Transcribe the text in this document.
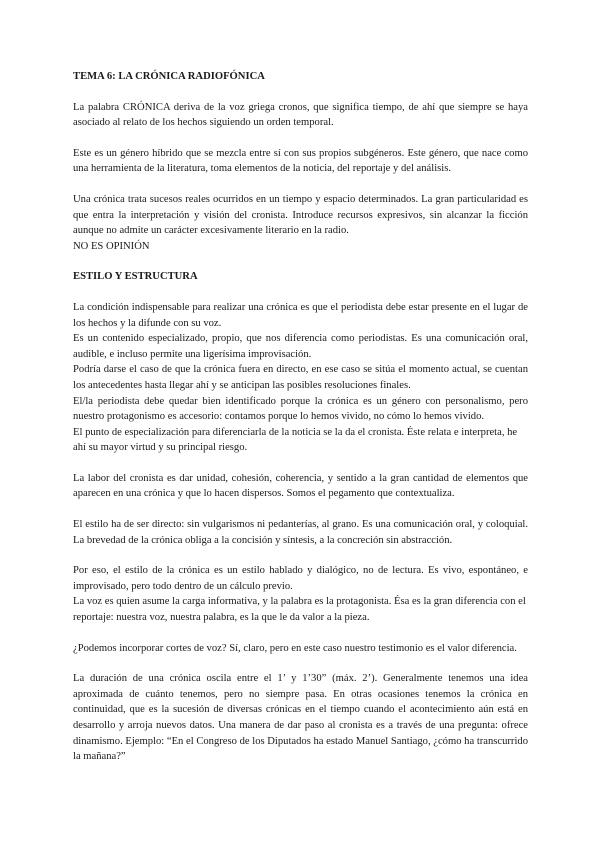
TEMA 6: LA CRÓNICA RADIOFÓNICA

La palabra CRÓNICA deriva de la voz griega cronos, que significa tiempo, de ahí que siempre se haya asociado al relato de los hechos siguiendo un orden temporal.

Este es un género híbrido que se mezcla entre sí con sus propios subgéneros. Este género, que nace como una herramienta de la literatura, toma elementos de la noticia, del reportaje y del análisis.

Una crónica trata sucesos reales ocurridos en un tiempo y espacio determinados. La gran particularidad es que entra la interpretación y visión del cronista. Introduce recursos expresivos, sin alcanzar la ficción aunque no admite un carácter excesivamente literario en la radio.

NO ES OPINIÓN
ESTILO Y ESTRUCTURA
La condición indispensable para realizar una crónica es que el periodista debe estar presente en el lugar de los hechos y la difunde con su voz.
Es un contenido especializado, propio, que nos diferencia como periodistas. Es una comunicación oral, audible, e incluso permite una ligerísima improvisación.
Podría darse el caso de que la crónica fuera en directo, en ese caso se sitúa el momento actual, se cuentan los antecedentes hasta llegar ahí y se anticipan las posibles resoluciones finales.
El/la periodista debe quedar bien identificado porque la crónica es un género con personalismo, pero nuestro protagonismo es accesorio: contamos porque lo hemos vivido, no cómo lo hemos vivido.
El punto de especialización para diferenciarla de la noticia se la da el cronista. Éste relata e interpreta, he ahí su mayor virtud y su principal riesgo.

La labor del cronista es dar unidad, cohesión, coherencia, y sentido a la gran cantidad de elementos que aparecen en una crónica y que lo hacen dispersos. Somos el pegamento que contextualiza.

El estilo ha de ser directo: sin vulgarismos ni pedanterías, al grano. Es una comunicación oral, y coloquial. La brevedad de la crónica obliga a la concisión y síntesis, a la concreción sin abstracción.

Por eso, el estilo de la crónica es un estilo hablado y dialógico, no de lectura. Es vivo, espontáneo, e improvisado, pero todo dentro de un cálculo previo.
La voz es quien asume la carga informativa, y la palabra es la protagonista. Ésa es la gran diferencia con el reportaje: nuestra voz, nuestra palabra, es la que le da valor a la pieza.

¿Podemos incorporar cortes de voz? Sí, claro, pero en este caso nuestro testimonio es el valor diferencia.

La duración de una crónica oscila entre el 1’ y 1’30” (máx. 2’). Generalmente tenemos una idea aproximada de cuánto tenemos, pero no siempre pasa. En otras ocasiones tenemos la crónica en continuidad, que es la sucesión de diversas crónicas en el tiempo cuando el acontecimiento aún está en desarrollo y arroja nuevos datos. Una manera de dar paso al cronista es a través de una pregunta: ofrece dinamismo. Ejemplo: “En el Congreso de los Diputados ha estado Manuel Santiago, ¿cómo ha transcurrido la mañana?”
